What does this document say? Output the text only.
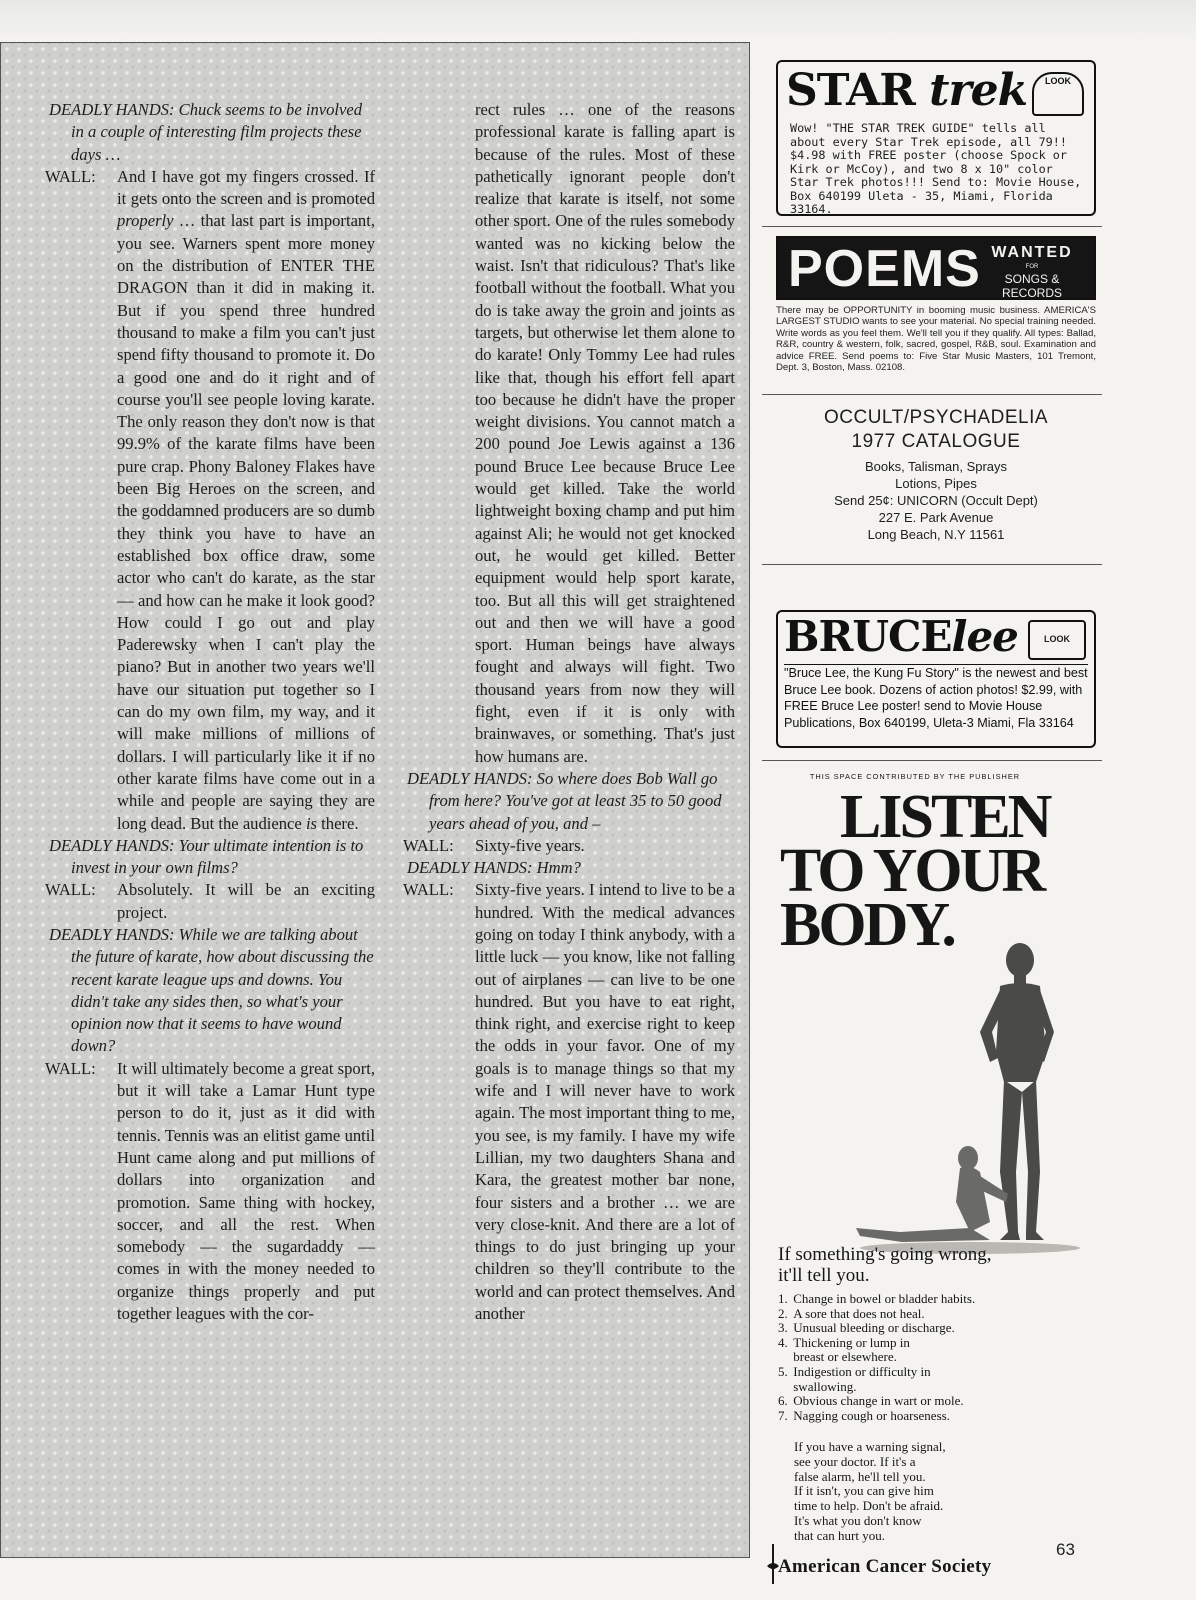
DEADLY HANDS: Chuck seems to be involved in a couple of interesting film projects these days …

WALL:	And I have got my fingers crossed. If it gets onto the screen and is promoted properly … that last part is important, you see. Warners spent more money on the distribution of ENTER THE DRAGON than it did in making it. But if you spend three hundred thousand to make a film you can't just spend fifty thousand to promote it. Do a good one and do it right and of course you'll see people loving karate. The only reason they don't now is that 99.9% of the karate films have been pure crap. Phony Baloney Flakes have been Big Heroes on the screen, and the goddamned producers are so dumb they think you have to have an established box office draw, some actor who can't do karate, as the star — and how can he make it look good? How could I go out and play Paderewsky when I can't play the piano? But in another two years we'll have our situation put together so I can do my own film, my way, and it will make millions of millions of dollars. I will particularly like it if no other karate films have come out in a while and people are saying they are long dead. But the audience is there.

DEADLY HANDS: Your ultimate intention is to invest in your own films?

WALL:	Absolutely. It will be an exciting project.

DEADLY HANDS: While we are talking about the future of karate, how about discussing the recent karate league ups and downs. You didn't take any sides then, so what's your opinion now that it seems to have wound down?

WALL:	It will ultimately become a great sport, but it will take a Lamar Hunt type person to do it, just as it did with tennis. Tennis was an elitist game until Hunt came along and put millions of dollars into organization and promotion. Same thing with hockey, soccer, and all the rest. When somebody — the sugardaddy — comes in with the money needed to organize things properly and put together leagues with the cor-
rect rules … one of the reasons professional karate is falling apart is because of the rules. Most of these pathetically ignorant people don't realize that karate is itself, not some other sport. One of the rules somebody wanted was no kicking below the waist. Isn't that ridiculous? That's like football without the football. What you do is take away the groin and joints as targets, but otherwise let them alone to do karate! Only Tommy Lee had rules like that, though his effort fell apart too because he didn't have the proper weight divisions. You cannot match a 200 pound Joe Lewis against a 136 pound Bruce Lee because Bruce Lee would get killed. Take the world lightweight boxing champ and put him against Ali; he would not get knocked out, he would get killed. Better equipment would help sport karate, too. But all this will get straightened out and then we will have a good sport. Human beings have always fought and always will fight. Two thousand years from now they will fight, even if it is only with brainwaves, or something. That's just how humans are.

DEADLY HANDS: So where does Bob Wall go from here? You've got at least 35 to 50 good years ahead of you, and –

WALL:	Sixty-five years.

DEADLY HANDS: Hmm?

WALL:	Sixty-five years. I intend to live to be a hundred. With the medical advances going on today I think anybody, with a little luck — you know, like not falling out of airplanes — can live to be one hundred. But you have to eat right, think right, and exercise right to keep the odds in your favor. One of my goals is to manage things so that my wife and I will never have to work again. The most important thing to me, you see, is my family. I have my wife Lillian, my two daughters Shana and Kara, the greatest mother bar none, four sisters and a brother … we are very close-knit. And there are a lot of things to do just bringing up your children so they'll contribute to the world and can protect themselves. And another
STAR trek	LOOK
Wow! "THE STAR TREK GUIDE" tells all about every Star Trek episode, all 79!! $4.98 with FREE poster (choose Spock or Kirk or McCoy), and two 8 x 10" color Star Trek photos!!! Send to: Movie House, Box 640199 Uleta - 35, Miami, Florida 33164.
POEMS WANTED
FOR
SONGS & RECORDS
There may be OPPORTUNITY in booming music business. AMERICA'S LARGEST STUDIO wants to see your material. No special training needed. Write words as you feel them. We'll tell you if they qualify. All types: Ballad, R&R, country & western, folk, sacred, gospel, R&B, soul. Examination and advice FREE. Send poems to: Five Star Music Masters, 101 Tremont, Dept. 3, Boston, Mass. 02108.
OCCULT/PSYCHADELIA
1977 CATALOGUE
Books, Talisman, Sprays
Lotions, Pipes
Send 25¢: UNICORN (Occult Dept)
227 E. Park Avenue
Long Beach, N.Y 11561
BRUCElee	LOOK
"Bruce Lee, the Kung Fu Story" is the newest and best Bruce Lee book. Dozens of action photos! $2.99, with FREE Bruce Lee poster! send to Movie House Publications, Box 640199, Uleta-3 Miami, Fla 33164
THIS SPACE CONTRIBUTED BY THE PUBLISHER
LISTEN
TO YOUR
BODY.
If something's going wrong,
it'll tell you.
1. Change in bowel or bladder habits.
2. A sore that does not heal.
3. Unusual bleeding or discharge.
4. Thickening or lump in breast or elsewhere.
5. Indigestion or difficulty in swallowing.
6. Obvious change in wart or mole.
7. Nagging cough or hoarseness.
If you have a warning signal,
see your doctor. If it's a
false alarm, he'll tell you.
If it isn't, you can give him
time to help. Don't be afraid.
It's what you don't know
that can hurt you.
American Cancer Society
63
